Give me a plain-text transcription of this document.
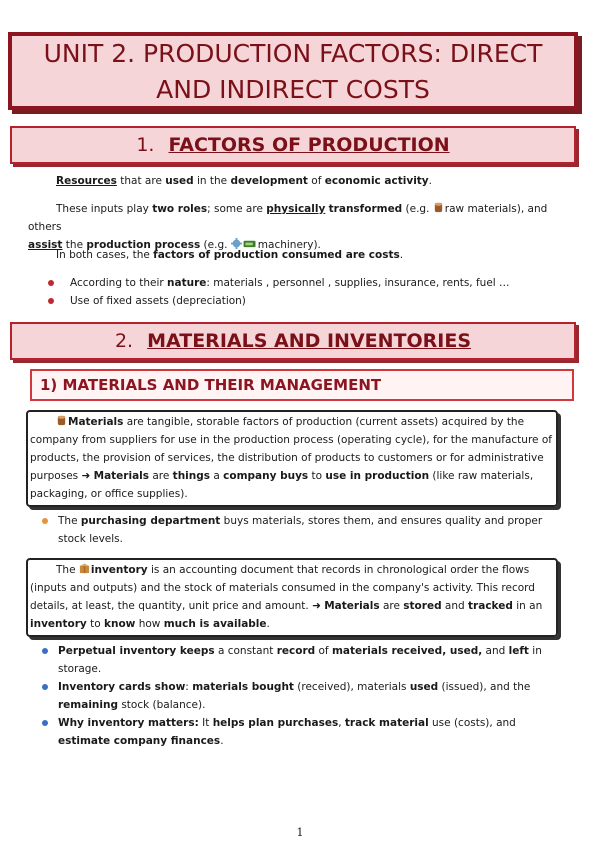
UNIT 2. PRODUCTION FACTORS: DIRECT
AND INDIRECT COSTS
1. FACTORS OF PRODUCTION
Resources that are used in the development of economic activity.
These inputs play two roles; some are physically transformed (e.g. raw materials), and others
assist the production process (e.g.	machinery).
In both cases, the factors of production consumed are costs.
According to their nature: materials , personnel , supplies, insurance, rents, fuel …
Use of fixed assets (depreciation)
2. MATERIALS AND INVENTORIES
1) MATERIALS AND THEIR MANAGEMENT
Materials are tangible, storable factors of production (current assets) acquired by the company from suppliers for use in the production process (operating cycle), for the manufacture of products, the provision of services, the distribution of products to customers or for administrative purposes ➜ Materials are things a company buys to use in production (like raw materials, packaging, or office supplies).
The purchasing department buys materials, stores them, and ensures quality and proper stock levels.
The inventory is an accounting document that records in chronological order the flows (inputs and outputs) and the stock of materials consumed in the company's activity. This record details, at least, the quantity, unit price and amount. ➜ Materials are stored and tracked in an inventory to know how much is available.
Perpetual inventory keeps a constant record of materials received, used, and left in storage.
Inventory cards show: materials bought (received), materials used (issued), and the remaining stock (balance).
Why inventory matters: It helps plan purchases, track material use (costs), and estimate company finances.
1
